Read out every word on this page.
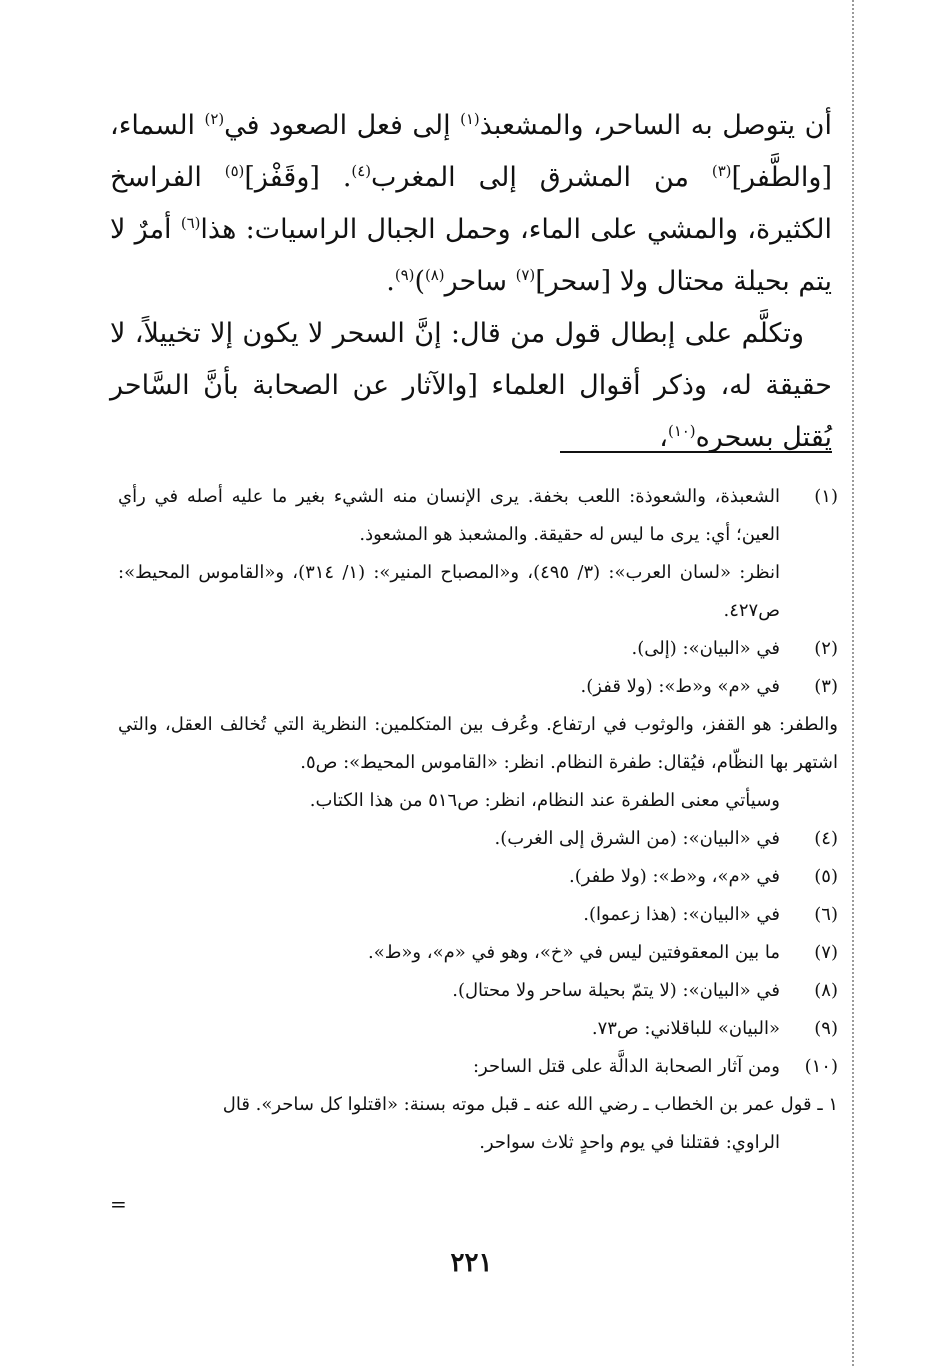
أن يتوصل به الساحر، والمشعبذ$^{(١)}$ إلى فعل الصعود في$^{(٢)}$ السماء، [والطَّفر]$^{(٣)}$ من المشرق إلى المغرب$^{(٤)}$. [وقَفْز]$^{(٥)}$ الفراسخ الكثيرة، والمشي على الماء، وحمل الجبال الراسيات: هذا$^{(٦)}$ أمرٌ لا يتم بحيلة محتال ولا [سحر]$^{(٧)}$ ساحر$^{(٨)}$)$^{(٩)}$.

وتكلَّم على إبطال قول من قال: إنَّ السحر لا يكون إلا تخييلاً، لا حقيقة له، وذكر أقوال العلماء [والآثار عن الصحابة بأنَّ السَّاحر يُقتل بسحره$^{(١٠)}$،

(١)
الشعبذة، والشعوذة: اللعب بخفة. يرى الإنسان منه الشيء بغير ما عليه أصله في رأي العين؛ أي: يرى ما ليس له حقيقة. والمشعبذ هو المشعوذ.
انظر: «لسان العرب»: (٣/ ٤٩٥)، و«المصباح المنير»: (١/ ٣١٤)، و«القاموس المحيط»: ص٤٢٧.
(٢)
في «البيان»: (إلى).
(٣)
في «م» و«ط»: (ولا قفز).
والطفر: هو القفز، والوثوب في ارتفاع. وعُرف بين المتكلمين: النظرية التي تُخالف العقل، والتي اشتهر بها النظّام، فيُقال: طفرة النظام. انظر: «القاموس المحيط»: ص٥.
وسيأتي معنى الطفرة عند النظام، انظر: ص٥١٦ من هذا الكتاب.
(٤)
في «البيان»: (من الشرق إلى الغرب).
(٥)
في «م»، و«ط»: (ولا طفر).
(٦)
في «البيان»: (هذا زعموا).
(٧)
ما بين المعقوفتين ليس في «خ»، وهو في «م»، و«ط».
(٨)
في «البيان»: (لا يتمّ بحيلة ساحر ولا محتال).
(٩)
«البيان» للباقلاني: ص٧٣.
(١٠)
ومن آثار الصحابة الدالَّة على قتل الساحر:
١ ـ قول عمر بن الخطاب ـ رضي الله عنه ـ قبل موته بسنة: «اقتلوا كل ساحر». قال
الراوي: فقتلنا في يوم واحدٍ ثلاث سواحر.
=
٢٢١
